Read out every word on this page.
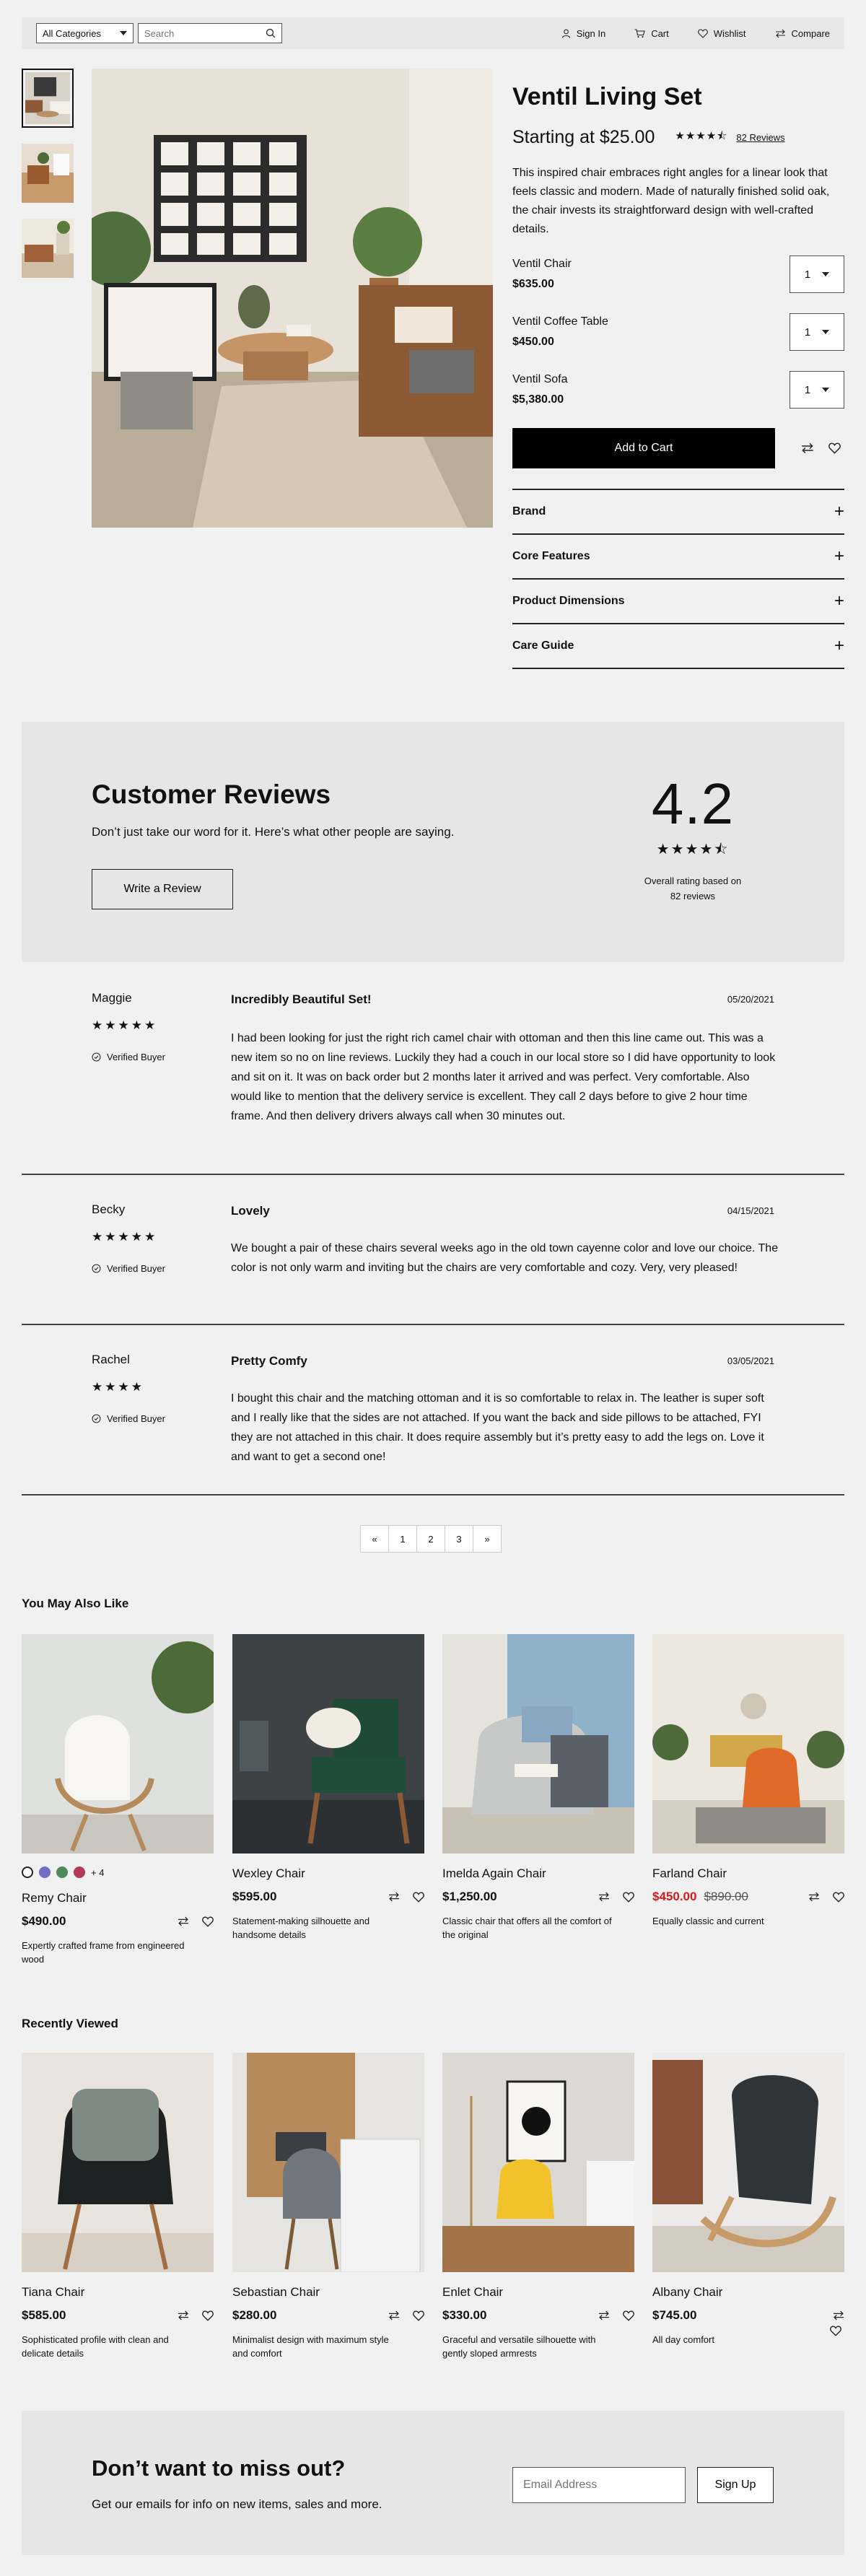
All Categories
Search	Sign In	Cart	Wishlist	Compare
Ventil Living Set
Starting at $25.00 ★★★★⯪ 82 Reviews
This inspired chair embraces right angles for a linear look that feels classic and modern. Made of naturally finished solid oak, the chair invests its straightforward design with well-crafted details.
Ventil Chair
$635.00
1
Ventil Coffee Table
$450.00
1
Ventil Sofa
$5,380.00
1
Add to Cart
Brand	+
Core Features	+
Product Dimensions	+
Care Guide	+
Customer Reviews
Don’t just take our word for it. Here’s what other people are saying.
Write a Review
4.2
★★★★⯪
Overall rating based on
82 reviews
Maggie
★★★★★
Verified Buyer
Incredibly Beautiful Set!	05/20/2021
I had been looking for just the right rich camel chair with ottoman and then this line came out. This was a new item so no on line reviews. Luckily they had a couch in our local store so I did have opportunity to look and sit on it. It was on back order but 2 months later it arrived and was perfect. Very comfortable. Also would like to mention that the delivery service is excellent. They call 2 days before to give 2 hour time frame. And then delivery drivers always call when 30 minutes out.
Becky
★★★★★
Verified Buyer
Lovely	04/15/2021
We bought a pair of these chairs several weeks ago in the old town cayenne color and love our choice. The color is not only warm and inviting but the chairs are very comfortable and cozy. Very, very pleased!
Rachel
★★★★
Verified Buyer
Pretty Comfy	03/05/2021
I bought this chair and the matching ottoman and it is so comfortable to relax in. The leather is super soft and I really like that the sides are not attached. If you want the back and side pillows to be attached, FYI they are not attached in this chair. It does require assembly but it’s pretty easy to add the legs on. Love it and want to get a second one!
«	1	2	3	»
You May Also Like
+ 4
Remy Chair
$490.00
Expertly crafted frame from engineered wood
Wexley Chair
$595.00
Statement-making silhouette and handsome details
Imelda Again Chair
$1,250.00
Classic chair that offers all the comfort of the original
Farland Chair
$450.00 $890.00
Equally classic and current
Recently Viewed
Tiana Chair
$585.00
Sophisticated profile with clean and delicate details
Sebastian Chair
$280.00
Minimalist design with maximum style and comfort
Enlet Chair
$330.00
Graceful and versatile silhouette with gently sloped armrests
Albany Chair
$745.00
All day comfort
Don’t want to miss out?
Get our emails for info on new items, sales and more.
Email Address
Sign Up
